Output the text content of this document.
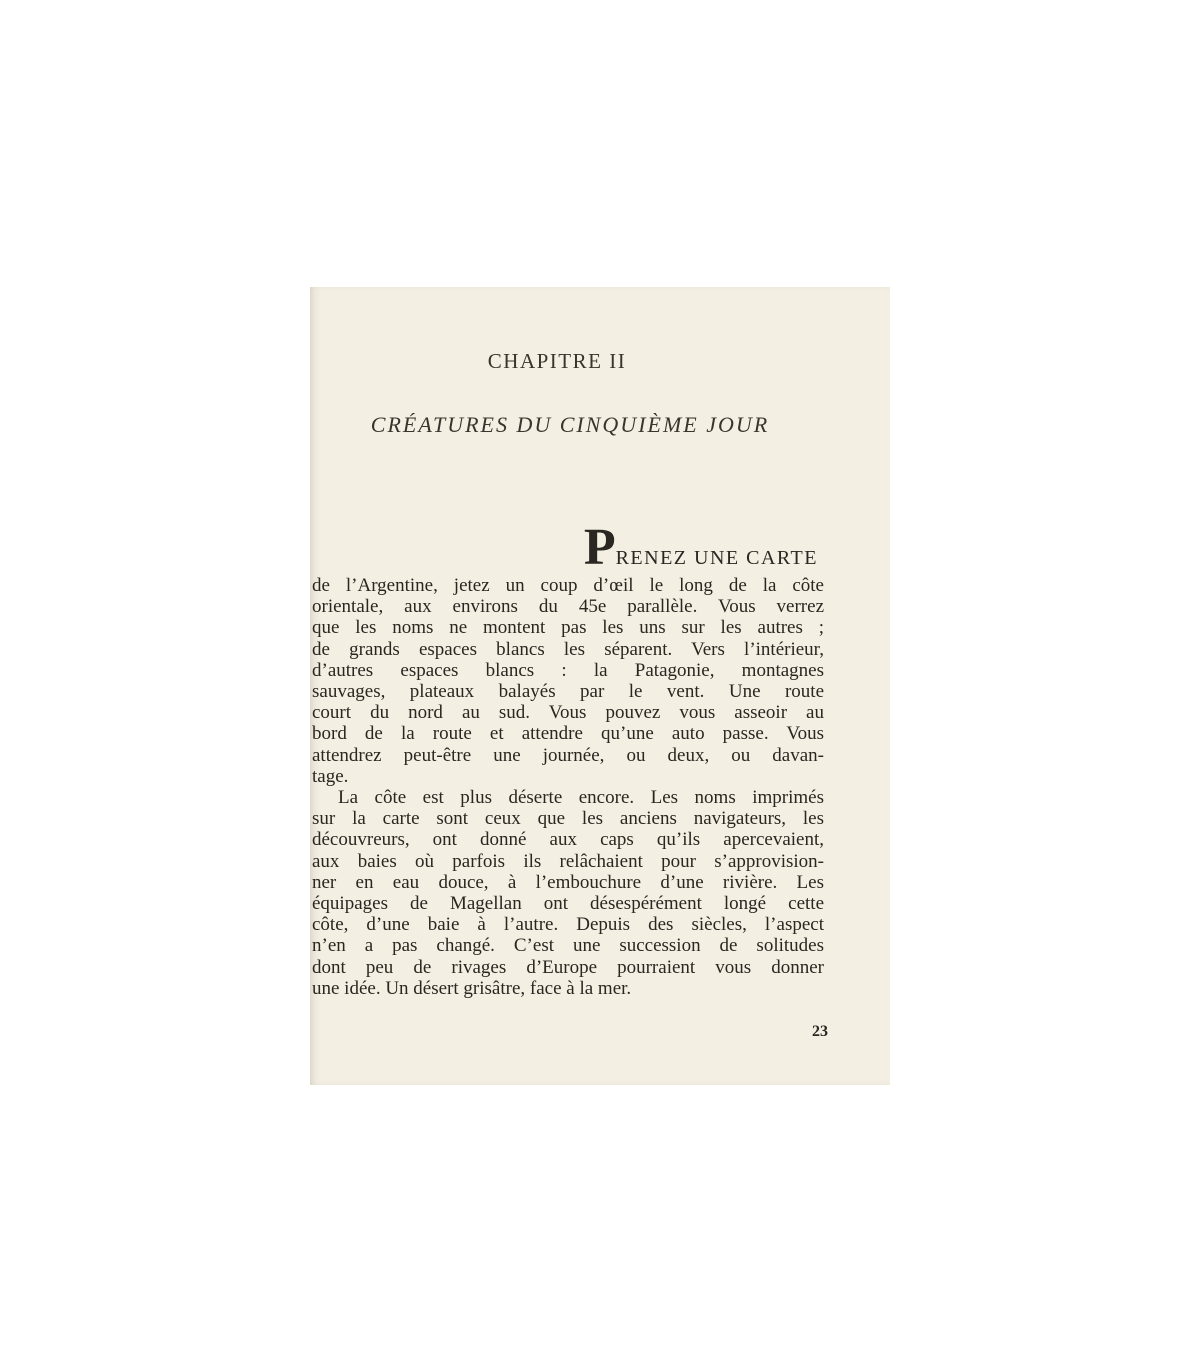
CHAPITRE II
CRÉATURES DU CINQUIÈME JOUR
PRENEZ UNE CARTE
de l’Argentine, jetez un coup d’œil le long de la côte
orientale, aux environs du 45e parallèle. Vous verrez
que les noms ne montent pas les uns sur les autres ;
de grands espaces blancs les séparent. Vers l’intérieur,
d’autres espaces blancs : la Patagonie, montagnes
sauvages, plateaux balayés par le vent. Une route
court du nord au sud. Vous pouvez vous asseoir au
bord de la route et attendre qu’une auto passe. Vous
attendrez peut-être une journée, ou deux, ou davan-
tage.
La côte est plus déserte encore. Les noms imprimés
sur la carte sont ceux que les anciens navigateurs, les
découvreurs, ont donné aux caps qu’ils apercevaient,
aux baies où parfois ils relâchaient pour s’approvision-
ner en eau douce, à l’embouchure d’une rivière. Les
équipages de Magellan ont désespérément longé cette
côte, d’une baie à l’autre. Depuis des siècles, l’aspect
n’en a pas changé. C’est une succession de solitudes
dont peu de rivages d’Europe pourraient vous donner
une idée. Un désert grisâtre, face à la mer.
23
